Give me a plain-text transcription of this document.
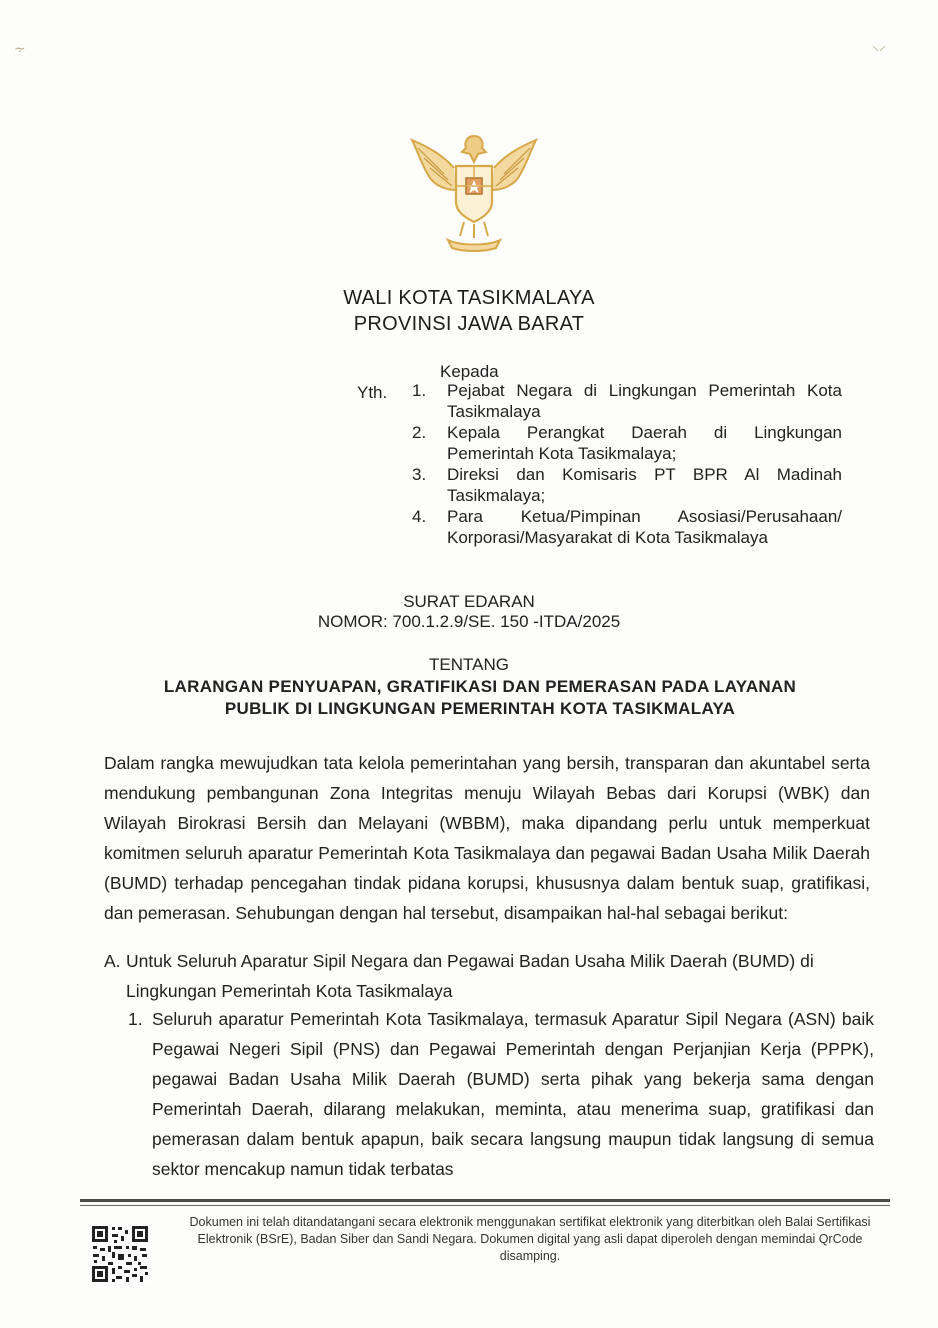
WALI KOTA TASIKMALAYA
PROVINSI JAWA BARAT
Kepada
Yth. 1.	Pejabat Negara di Lingkungan Pemerintah Kota Tasikmalaya
2.	Kepala Perangkat Daerah di Lingkungan Pemerintah Kota Tasikmalaya;
3.	Direksi dan Komisaris PT BPR Al Madinah Tasikmalaya;
4.	Para Ketua/Pimpinan Asosiasi/Perusahaan/ Korporasi/Masyarakat di Kota Tasikmalaya
SURAT EDARAN
NOMOR: 700.1.2.9/SE. 150 -ITDA/2025
TENTANG
LARANGAN PENYUAPAN, GRATIFIKASI DAN PEMERASAN PADA LAYANAN
PUBLIK DI LINGKUNGAN PEMERINTAH KOTA TASIKMALAYA
Dalam rangka mewujudkan tata kelola pemerintahan yang bersih, transparan dan akuntabel serta mendukung pembangunan Zona Integritas menuju Wilayah Bebas dari Korupsi (WBK) dan Wilayah Birokrasi Bersih dan Melayani (WBBM), maka dipandang perlu untuk memperkuat komitmen seluruh aparatur Pemerintah Kota Tasikmalaya dan pegawai Badan Usaha Milik Daerah (BUMD) terhadap pencegahan tindak pidana korupsi, khususnya dalam bentuk suap, gratifikasi, dan pemerasan. Sehubungan dengan hal tersebut, disampaikan hal-hal sebagai berikut:
A. Untuk Seluruh Aparatur Sipil Negara dan Pegawai Badan Usaha Milik Daerah (BUMD) di Lingkungan Pemerintah Kota Tasikmalaya
1. Seluruh aparatur Pemerintah Kota Tasikmalaya, termasuk Aparatur Sipil Negara (ASN) baik Pegawai Negeri Sipil (PNS) dan Pegawai Pemerintah dengan Perjanjian Kerja (PPPK), pegawai Badan Usaha Milik Daerah (BUMD) serta pihak yang bekerja sama dengan Pemerintah Daerah, dilarang melakukan, meminta, atau menerima suap, gratifikasi dan pemerasan dalam bentuk apapun, baik secara langsung maupun tidak langsung di semua sektor mencakup namun tidak terbatas
Dokumen ini telah ditandatangani secara elektronik menggunakan sertifikat elektronik yang diterbitkan oleh Balai Sertifikasi Elektronik (BSrE), Badan Siber dan Sandi Negara. Dokumen digital yang asli dapat diperoleh dengan memindai QrCode disamping.
⸟	⸜⸝
